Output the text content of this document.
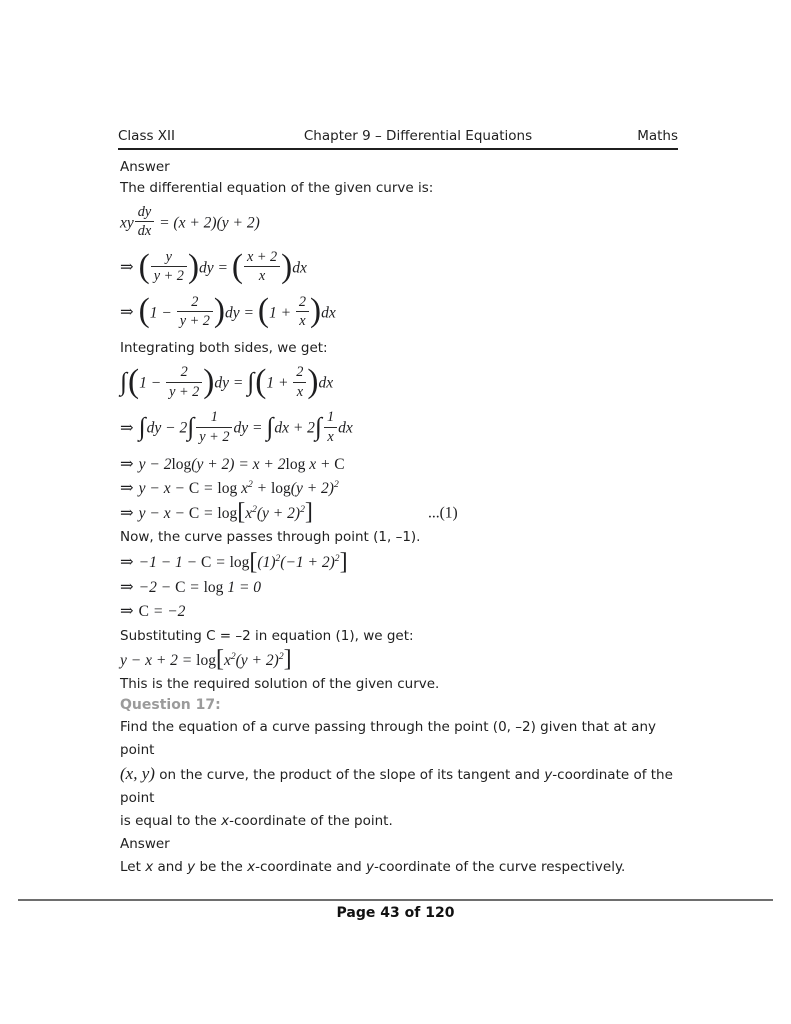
Class XII	Chapter 9 – Differential Equations	Maths

Answer

The differential equation of the given curve is:

xy $\frac{dy}{dx} = (x + 2)(y + 2)$
⇒ ( $\frac{y}{y + 2} )dy$ = ( $\frac{x + 2}{x} )dx$
⇒ $(1 - \frac{2}{y + 2} )dy = (1 + \frac{2}{x} )dx$

Integrating both sides, we get:

$\int(1 - \frac{2}{y + 2} )dy = \int(1 + \frac{2}{x} )dx$
⇒ $\int dy - 2\int \frac{1}{y + 2}$ dy = $\int dx + 2\int \frac{1}{x}$ dx
⇒ y − 2log(y + 2) = x + 2log x + C
⇒ $y - x - C = \log x^2 + \log(y + 2)^2$
⇒ $y - x - C = \log[x^2(y + 2)^2]$	...(1)

Now, the curve passes through point (1, –1).

⇒ $-1 - 1 - C = \log[(1)^2(-1 + 2)^2]$
⇒ −2 − C = log 1 = 0
⇒ C = −2

Substituting C = –2 in equation (1), we get:

$y - x + 2 = \log[x^2(y + 2)^2]$

This is the required solution of the given curve.

Question 17:

Find the equation of a curve passing through the point (0, –2) given that at any point

(x, y) on the curve, the product of the slope of its tangent and y-coordinate of the point

is equal to the x-coordinate of the point.

Answer

Let x and y be the x-coordinate and y-coordinate of the curve respectively.

Page 43 of 120
